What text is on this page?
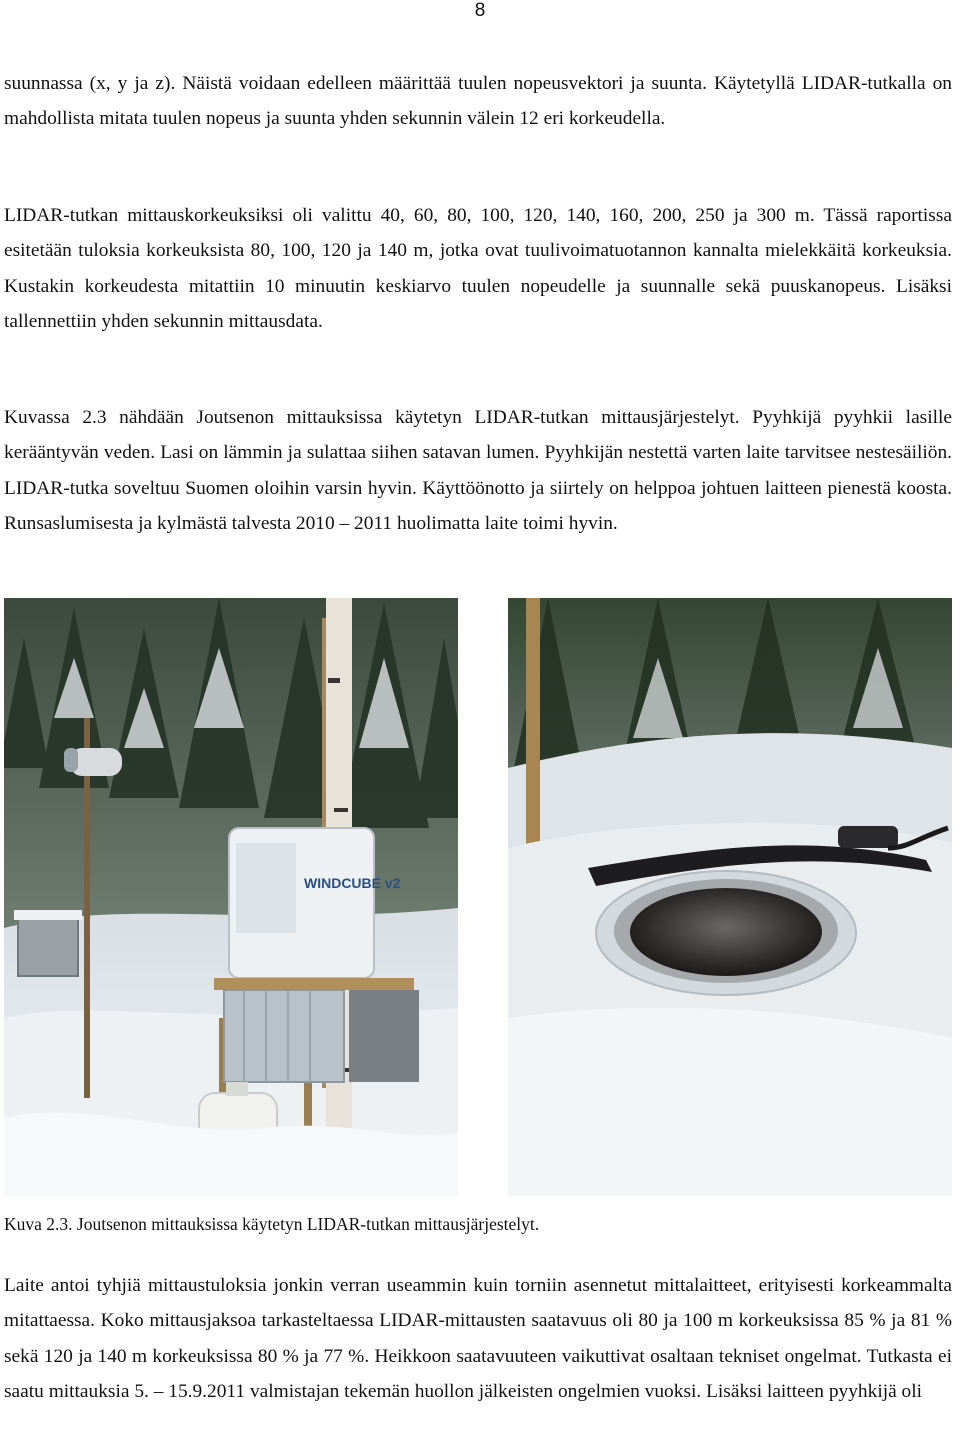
8

suunnassa (x, y ja z). Näistä voidaan edelleen määrittää tuulen nopeusvektori ja suunta. Käytetyllä LIDAR-tutkalla on mahdollista mitata tuulen nopeus ja suunta yhden sekunnin välein 12 eri korkeudella.

LIDAR-tutkan mittauskorkeuksiksi oli valittu 40, 60, 80, 100, 120, 140, 160, 200, 250 ja 300 m. Tässä raportissa esitetään tuloksia korkeuksista 80, 100, 120 ja 140 m, jotka ovat tuulivoimatuotannon kannalta mielekkäitä korkeuksia. Kustakin korkeudesta mitattiin 10 minuutin keskiarvo tuulen nopeudelle ja suunnalle sekä puuskanopeus. Lisäksi tallennettiin yhden sekunnin mittausdata.

Kuvassa 2.3 nähdään Joutsenon mittauksissa käytetyn LIDAR-tutkan mittausjärjestelyt. Pyyhkijä pyyhkii lasille kerääntyvän veden. Lasi on lämmin ja sulattaa siihen satavan lumen. Pyyhkijän nestettä varten laite tarvitsee nestesäiliön. LIDAR-tutka soveltuu Suomen oloihin varsin hyvin. Käyttöönotto ja siirtely on helppoa johtuen laitteen pienestä koosta. Runsaslumisesta ja kylmästä talvesta 2010 – 2011 huolimatta laite toimi hyvin.

WINDCUBE v2

Kuva 2.3. Joutsenon mittauksissa käytetyn LIDAR-tutkan mittausjärjestelyt.

Laite antoi tyhjiä mittaustuloksia jonkin verran useammin kuin torniin asennetut mittalaitteet, erityisesti korkeammalta mitattaessa. Koko mittausjaksoa tarkasteltaessa LIDAR-mittausten saatavuus oli 80 ja 100 m korkeuksissa 85 % ja 81 % sekä 120 ja 140 m korkeuksissa 80 % ja 77 %. Heikkoon saatavuuteen vaikuttivat osaltaan tekniset ongelmat. Tutkasta ei saatu mittauksia 5. – 15.9.2011 valmistajan tekemän huollon jälkeisten ongelmien vuoksi. Lisäksi laitteen pyyhkijä oli
